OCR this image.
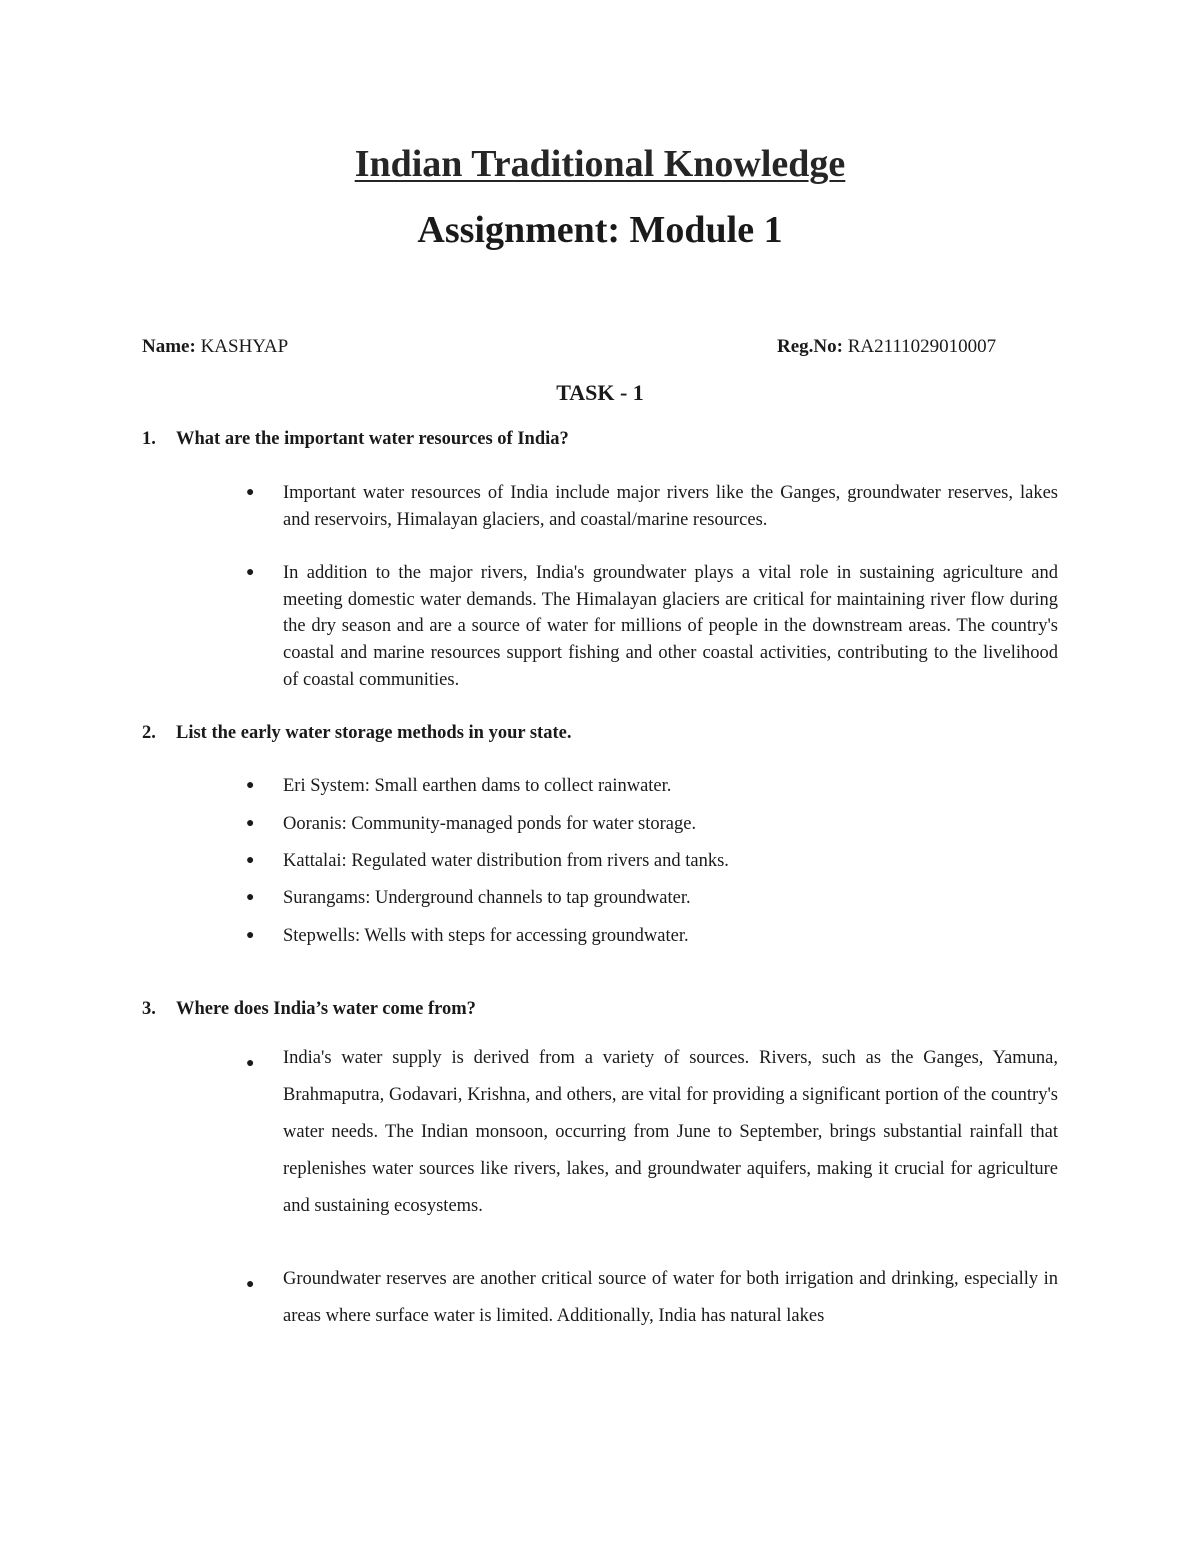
Indian Traditional Knowledge
Assignment: Module 1
Name: KASHYAP	Reg.No: RA2111029010007
TASK - 1
1. What are the important water resources of India?
● Important water resources of India include major rivers like the Ganges, groundwater reserves, lakes and reservoirs, Himalayan glaciers, and coastal/marine resources.
● In addition to the major rivers, India's groundwater plays a vital role in sustaining agriculture and meeting domestic water demands. The Himalayan glaciers are critical for maintaining river flow during the dry season and are a source of water for millions of people in the downstream areas. The country's coastal and marine resources support fishing and other coastal activities, contributing to the livelihood of coastal communities.
2. List the early water storage methods in your state.
● Eri System: Small earthen dams to collect rainwater.
● Ooranis: Community-managed ponds for water storage.
● Kattalai: Regulated water distribution from rivers and tanks.
● Surangams: Underground channels to tap groundwater.
● Stepwells: Wells with steps for accessing groundwater.
3. Where does India’s water come from?
● India's water supply is derived from a variety of sources. Rivers, such as the Ganges, Yamuna, Brahmaputra, Godavari, Krishna, and others, are vital for providing a significant portion of the country's water needs. The Indian monsoon, occurring from June to September, brings substantial rainfall that replenishes water sources like rivers, lakes, and groundwater aquifers, making it crucial for agriculture and sustaining ecosystems.
● Groundwater reserves are another critical source of water for both irrigation and drinking, especially in areas where surface water is limited. Additionally, India has natural lakes
